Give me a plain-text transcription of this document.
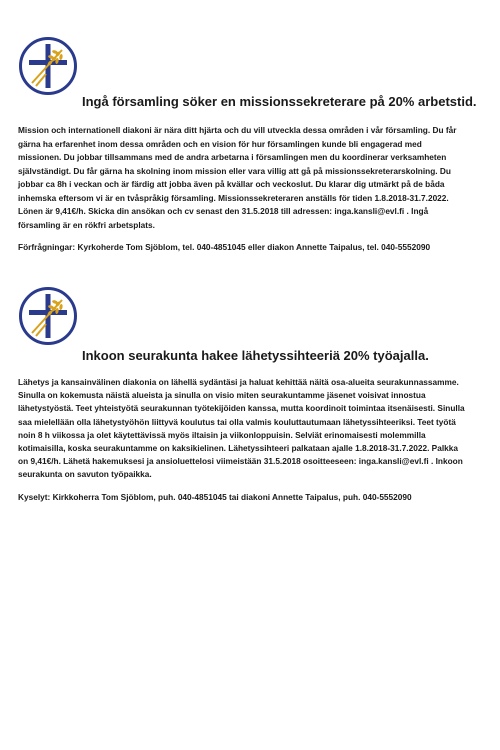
Ingå församling söker en missionssekreterare på 20% arbetstid.

Mission och internationell diakoni är nära ditt hjärta och du vill utveckla dessa områden i vår församling. Du får gärna ha erfarenhet inom dessa områden och en vision för hur församlingen kunde bli engagerad med missionen. Du jobbar tillsammans med de andra arbetarna i församlingen men du koordinerar verksamheten självständigt. Du får gärna ha skolning inom mission eller vara villig att gå på missionssekreterarskolning. Du jobbar ca 8h i veckan och är färdig att jobba även på kvällar och veckoslut. Du klarar dig utmärkt på de båda inhemska eftersom vi är en tvåspråkig församling. Missionssekreteraren anställs för tiden 1.8.2018-31.7.2022. Lönen är 9,41€/h. Skicka din ansökan och cv senast den 31.5.2018 till adressen: inga.kansli@evl.fi . Ingå församling är en rökfri arbetsplats.

Förfrågningar: Kyrkoherde Tom Sjöblom, tel. 040-4851045 eller diakon Annette Taipalus, tel. 040-5552090

Inkoon seurakunta hakee lähetyssihteeriä 20% työajalla.

Lähetys ja kansainvälinen diakonia on lähellä sydäntäsi ja haluat kehittää näitä osa-alueita seurakunnassamme. Sinulla on kokemusta näistä alueista ja sinulla on visio miten seurakuntamme jäsenet voisivat innostua lähetystyöstä. Teet yhteistyötä seurakunnan työtekijöiden kanssa, mutta koordinoit toimintaa itsenäisesti. Sinulla saa mielellään olla lähetystyöhön liittyvä koulutus tai olla valmis kouluttautumaan lähetyssihteeriksi. Teet työtä noin 8 h viikossa ja olet käytettävissä myös iltaisin ja viikonloppuisin. Selviät erinomaisesti molemmilla kotimaisilla, koska seurakuntamme on kaksikielinen. Lähetyssihteeri palkataan ajalle 1.8.2018-31.7.2022. Palkka on 9,41€/h. Lähetä hakemuksesi ja ansioluettelosi viimeistään 31.5.2018 osoitteeseen: inga.kansli@evl.fi . Inkoon seurakunta on savuton työpaikka.

Kyselyt: Kirkkoherra Tom Sjöblom, puh. 040-4851045 tai diakoni Annette Taipalus, puh. 040-5552090
